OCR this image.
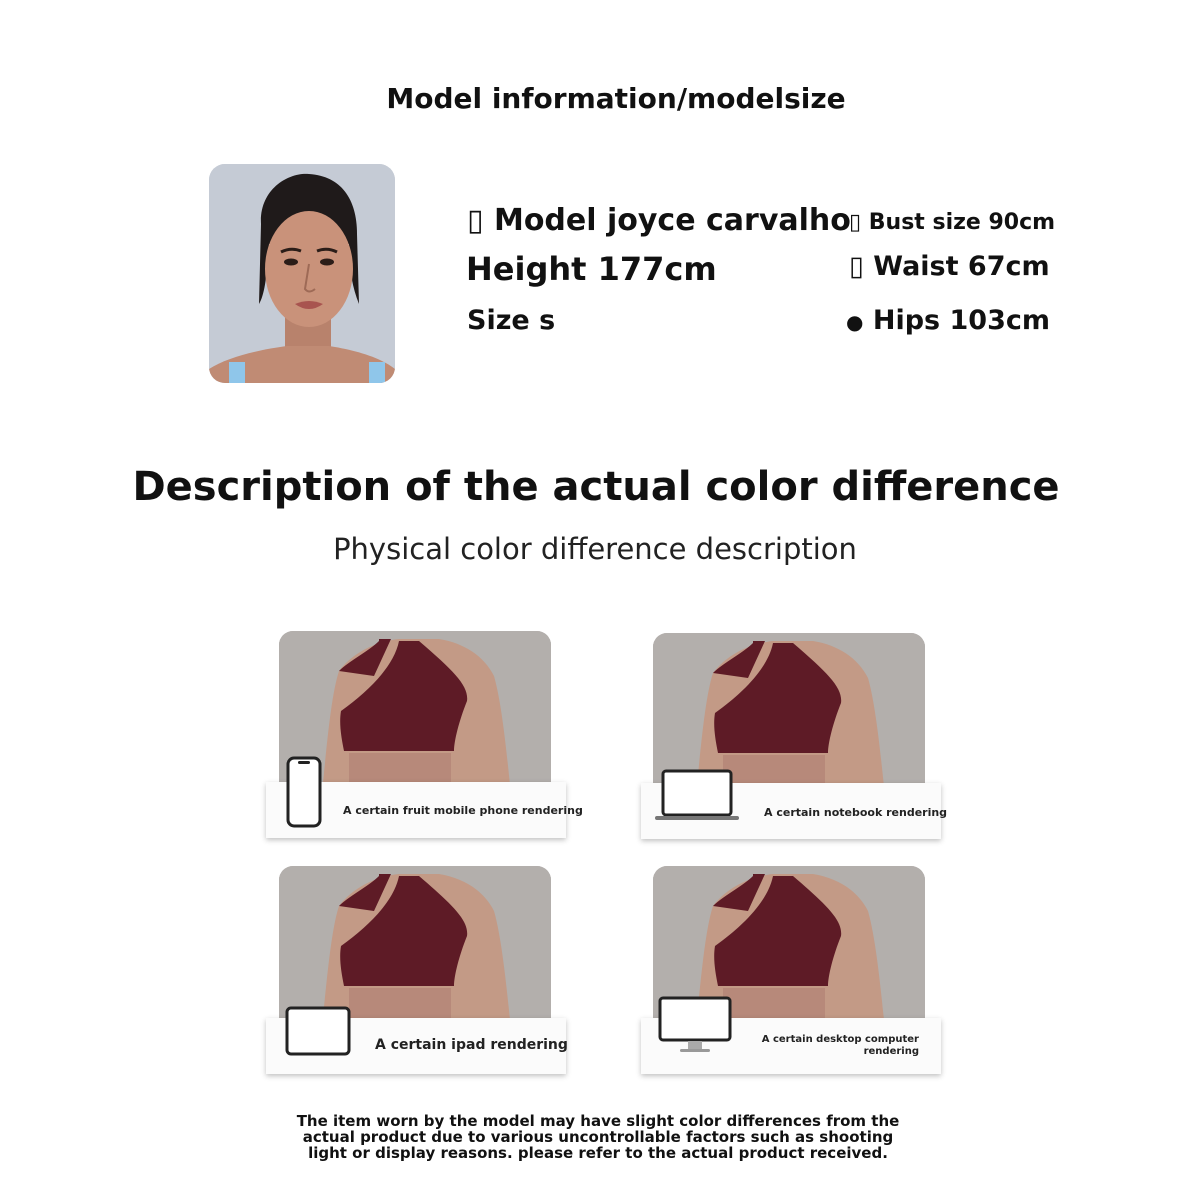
Model information/modelsize
▯ Model joyce carvalho
Height 177cm
Size s
▯ Bust size 90cm
▯ Waist 67cm
● Hips 103cm
Description of the actual color difference
Physical color difference description
A certain fruit mobile phone rendering	A certain notebook rendering
A certain ipad rendering	A certain desktop computer
rendering
The item worn by the model may have slight color differences from the
actual product due to various uncontrollable factors such as shooting
light or display reasons. please refer to the actual product received.
